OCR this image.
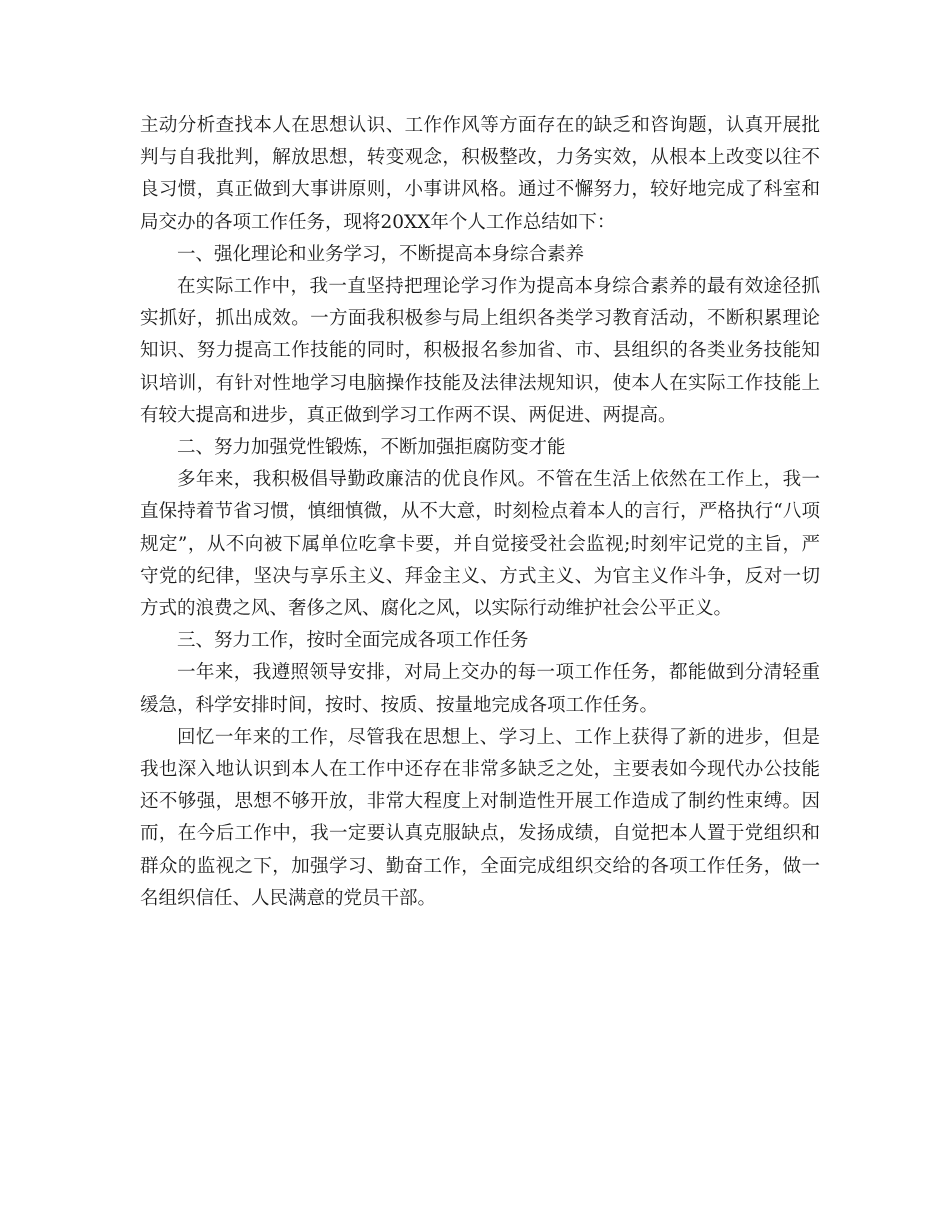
主动分析查找本人在思想认识、工作作风等方面存在的缺乏和咨询题，认真开展批判与自我批判，解放思想，转变观念，积极整改，力务实效，从根本上改变以往不良习惯，真正做到大事讲原则，小事讲风格。通过不懈努力，较好地完成了科室和局交办的各项工作任务，现将20XX年个人工作总结如下：

一、强化理论和业务学习，不断提高本身综合素养

在实际工作中，我一直坚持把理论学习作为提高本身综合素养的最有效途径抓实抓好，抓出成效。一方面我积极参与局上组织各类学习教育活动，不断积累理论知识、努力提高工作技能的同时，积极报名参加省、市、县组织的各类业务技能知识培训，有针对性地学习电脑操作技能及法律法规知识，使本人在实际工作技能上有较大提高和进步，真正做到学习工作两不误、两促进、两提高。

二、努力加强党性锻炼，不断加强拒腐防变才能

多年来，我积极倡导勤政廉洁的优良作风。不管在生活上依然在工作上，我一直保持着节省习惯，慎细慎微，从不大意，时刻检点着本人的言行，严格执行“八项规定”，从不向被下属单位吃拿卡要，并自觉接受社会监视;时刻牢记党的主旨，严守党的纪律，坚决与享乐主义、拜金主义、方式主义、为官主义作斗争，反对一切方式的浪费之风、奢侈之风、腐化之风，以实际行动维护社会公平正义。

三、努力工作，按时全面完成各项工作任务

一年来，我遵照领导安排，对局上交办的每一项工作任务，都能做到分清轻重缓急，科学安排时间，按时、按质、按量地完成各项工作任务。

回忆一年来的工作，尽管我在思想上、学习上、工作上获得了新的进步，但是我也深入地认识到本人在工作中还存在非常多缺乏之处，主要表如今现代办公技能还不够强，思想不够开放，非常大程度上对制造性开展工作造成了制约性束缚。因而，在今后工作中，我一定要认真克服缺点，发扬成绩，自觉把本人置于党组织和群众的监视之下，加强学习、勤奋工作，全面完成组织交给的各项工作任务，做一名组织信任、人民满意的党员干部。
